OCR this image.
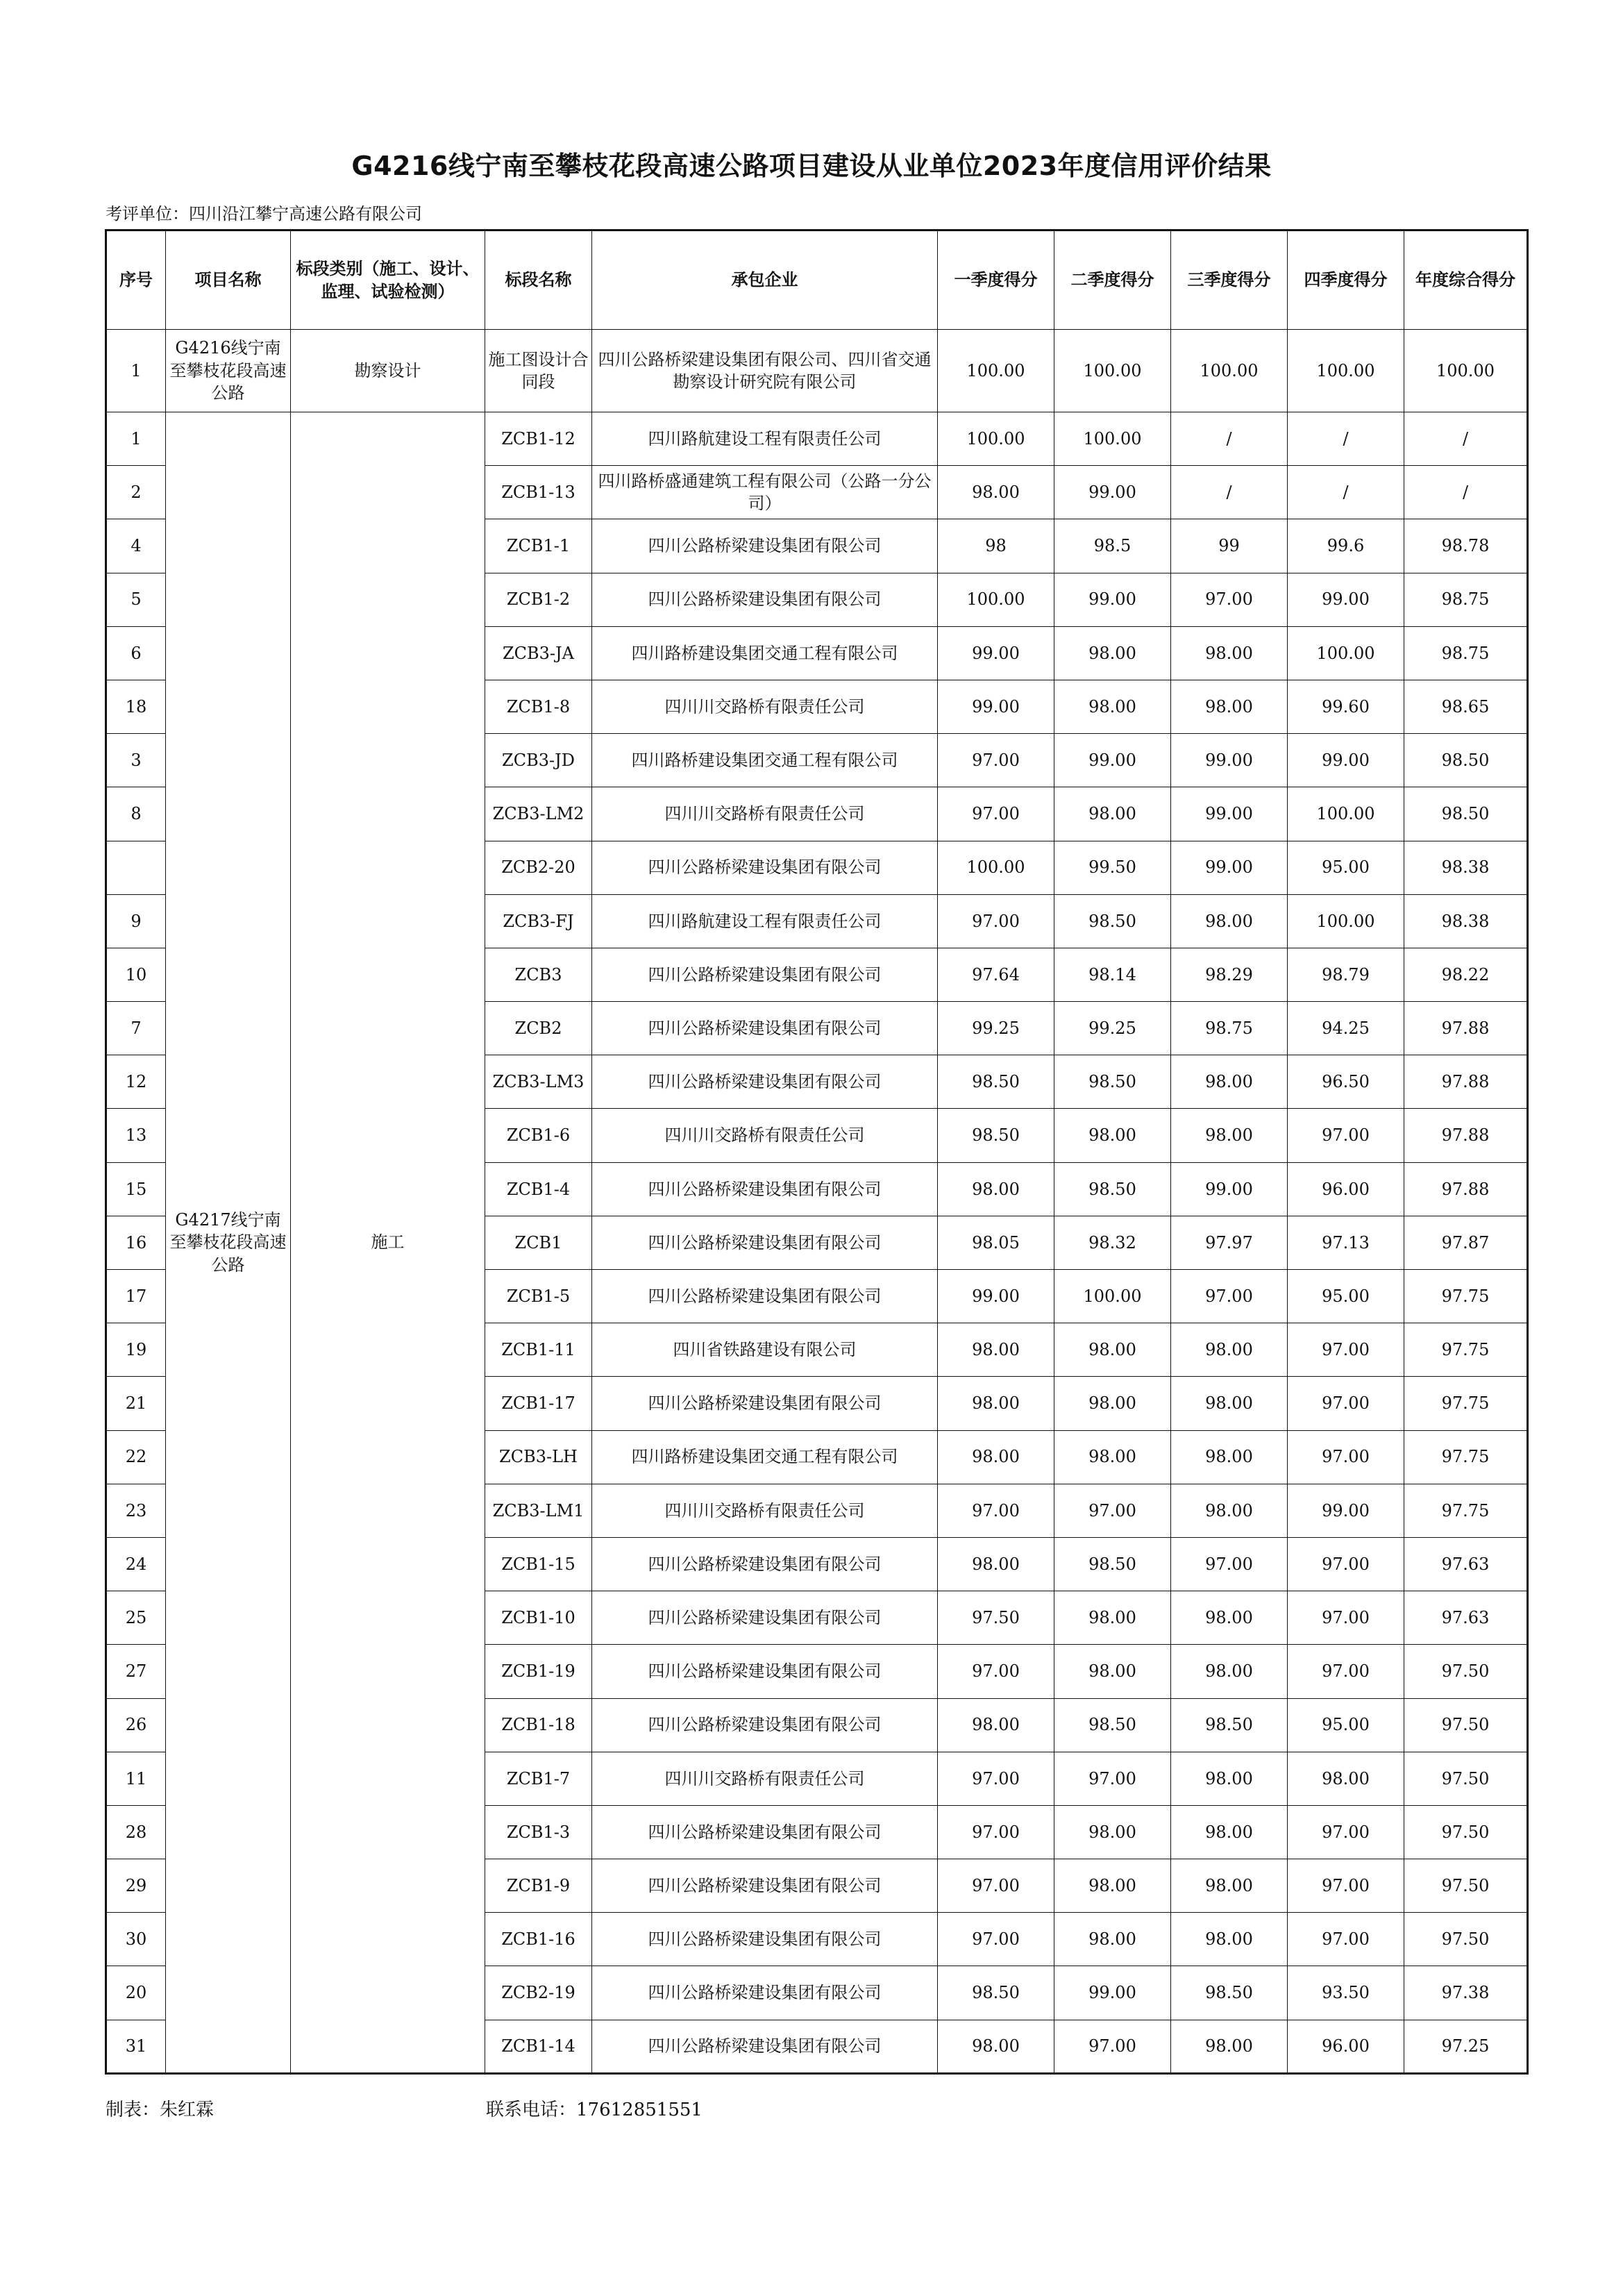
G4216线宁南至攀枝花段高速公路项目建设从业单位2023年度信用评价结果
考评单位：四川沿江攀宁高速公路有限公司
序号	项目名称	标段类别（施工、设计、监理、试验检测）	标段名称	承包企业	一季度得分	二季度得分	三季度得分	四季度得分	年度综合得分
1	G4216线宁南至攀枝花段高速公路	勘察设计	施工图设计合同段	四川公路桥梁建设集团有限公司、四川省交通勘察设计研究院有限公司	100.00	100.00	100.00	100.00	100.00
1	G4217线宁南至攀枝花段高速公路	施工	ZCB1-12	四川路航建设工程有限责任公司	100.00	100.00	/	/	/
2			ZCB1-13	四川路桥盛通建筑工程有限公司（公路一分公司）	98.00	99.00	/	/	/
4			ZCB1-1	四川公路桥梁建设集团有限公司	98	98.5	99	99.6	98.78
5			ZCB1-2	四川公路桥梁建设集团有限公司	100.00	99.00	97.00	99.00	98.75
6			ZCB3-JA	四川路桥建设集团交通工程有限公司	99.00	98.00	98.00	100.00	98.75
18			ZCB1-8	四川川交路桥有限责任公司	99.00	98.00	98.00	99.60	98.65
3			ZCB3-JD	四川路桥建设集团交通工程有限公司	97.00	99.00	99.00	99.00	98.50
8			ZCB3-LM2	四川川交路桥有限责任公司	97.00	98.00	99.00	100.00	98.50
			ZCB2-20	四川公路桥梁建设集团有限公司	100.00	99.50	99.00	95.00	98.38
9			ZCB3-FJ	四川路航建设工程有限责任公司	97.00	98.50	98.00	100.00	98.38
10			ZCB3	四川公路桥梁建设集团有限公司	97.64	98.14	98.29	98.79	98.22
7			ZCB2	四川公路桥梁建设集团有限公司	99.25	99.25	98.75	94.25	97.88
12			ZCB3-LM3	四川公路桥梁建设集团有限公司	98.50	98.50	98.00	96.50	97.88
13			ZCB1-6	四川川交路桥有限责任公司	98.50	98.00	98.00	97.00	97.88
15			ZCB1-4	四川公路桥梁建设集团有限公司	98.00	98.50	99.00	96.00	97.88
16			ZCB1	四川公路桥梁建设集团有限公司	98.05	98.32	97.97	97.13	97.87
17			ZCB1-5	四川公路桥梁建设集团有限公司	99.00	100.00	97.00	95.00	97.75
19			ZCB1-11	四川省铁路建设有限公司	98.00	98.00	98.00	97.00	97.75
21			ZCB1-17	四川公路桥梁建设集团有限公司	98.00	98.00	98.00	97.00	97.75
22			ZCB3-LH	四川路桥建设集团交通工程有限公司	98.00	98.00	98.00	97.00	97.75
23			ZCB3-LM1	四川川交路桥有限责任公司	97.00	97.00	98.00	99.00	97.75
24			ZCB1-15	四川公路桥梁建设集团有限公司	98.00	98.50	97.00	97.00	97.63
25			ZCB1-10	四川公路桥梁建设集团有限公司	97.50	98.00	98.00	97.00	97.63
27			ZCB1-19	四川公路桥梁建设集团有限公司	97.00	98.00	98.00	97.00	97.50
26			ZCB1-18	四川公路桥梁建设集团有限公司	98.00	98.50	98.50	95.00	97.50
11			ZCB1-7	四川川交路桥有限责任公司	97.00	97.00	98.00	98.00	97.50
28			ZCB1-3	四川公路桥梁建设集团有限公司	97.00	98.00	98.00	97.00	97.50
29			ZCB1-9	四川公路桥梁建设集团有限公司	97.00	98.00	98.00	97.00	97.50
30			ZCB1-16	四川公路桥梁建设集团有限公司	97.00	98.00	98.00	97.00	97.50
20			ZCB2-19	四川公路桥梁建设集团有限公司	98.50	99.00	98.50	93.50	97.38
31			ZCB1-14	四川公路桥梁建设集团有限公司	98.00	97.00	98.00	96.00	97.25
制表：朱红霖	联系电话：17612851551
